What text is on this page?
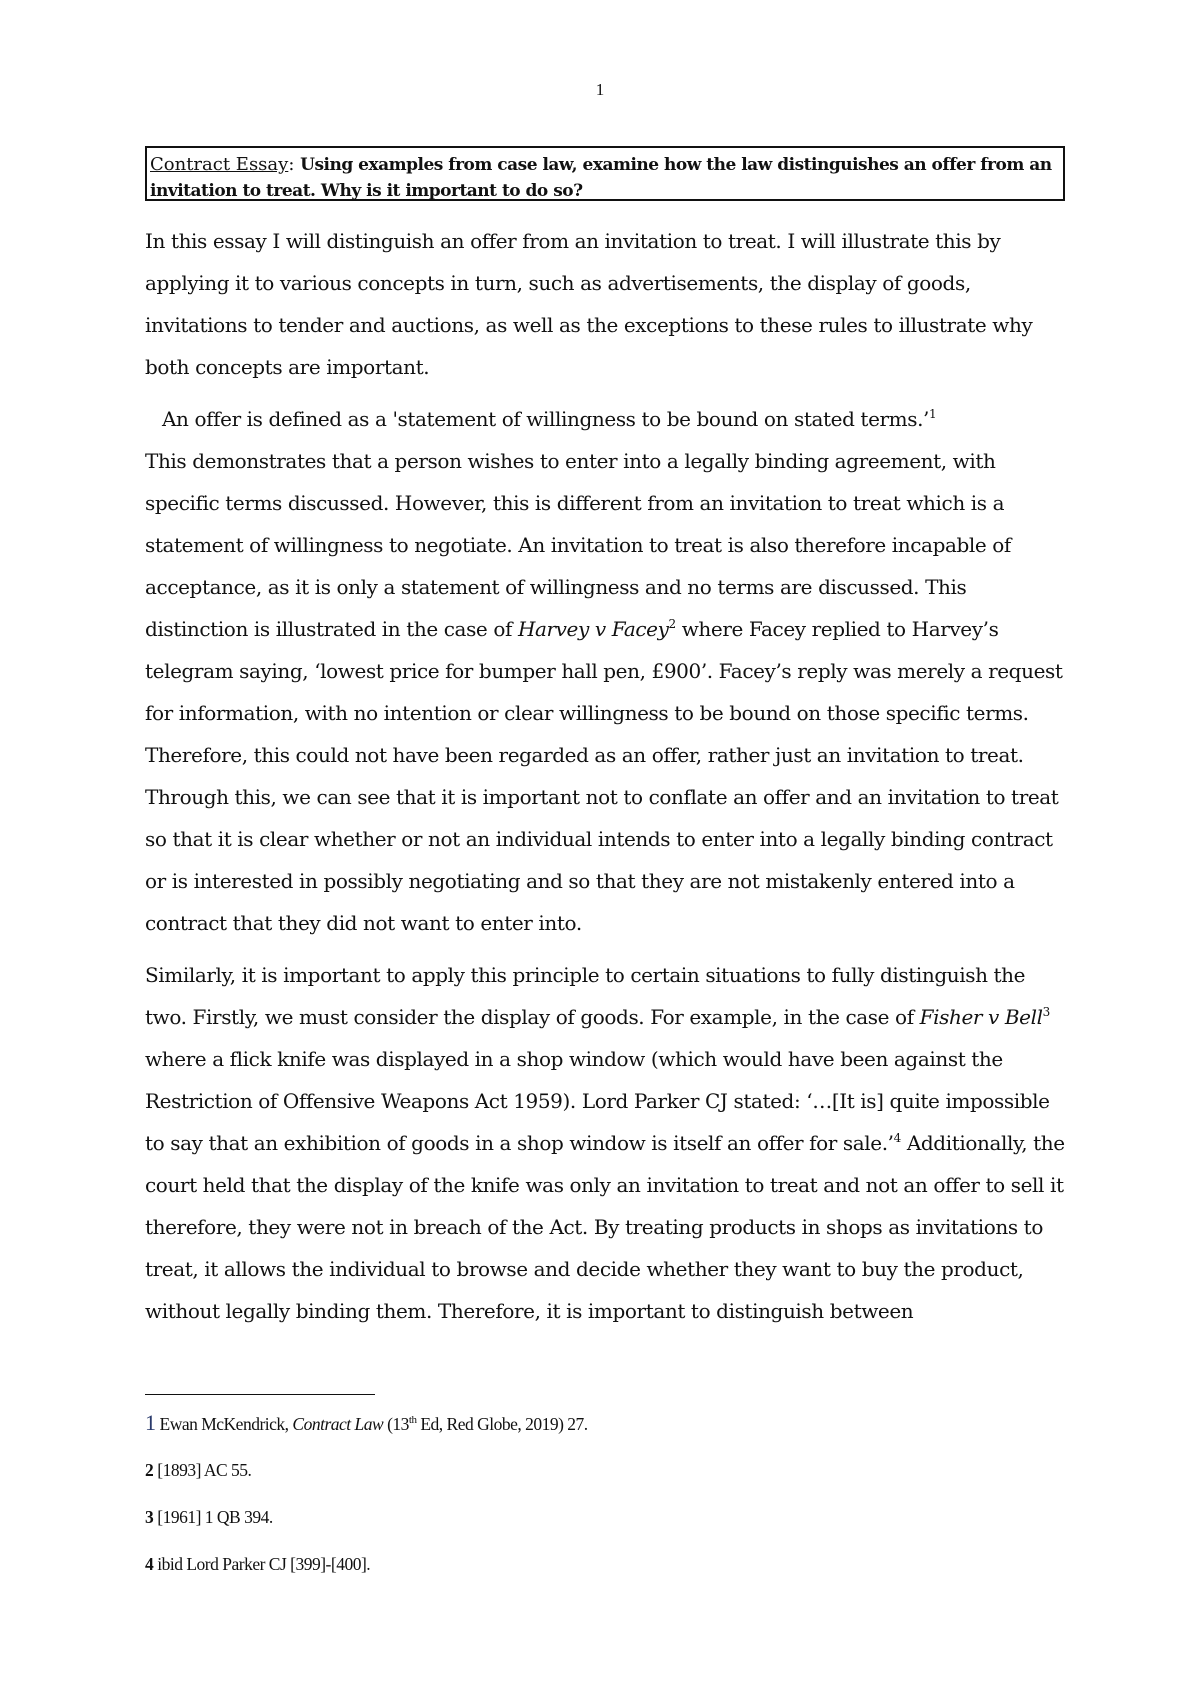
1
Contract Essay: Using examples from case law, examine how the law distinguishes an offer from an invitation to treat. Why is it important to do so?

In this essay I will distinguish an offer from an invitation to treat. I will illustrate this by applying it to various concepts in turn, such as advertisements, the display of goods, invitations to tender and auctions, as well as the exceptions to these rules to illustrate why both concepts are important.

An offer is defined as a 'statement of willingness to be bound on stated terms.’$^1$
This demonstrates that a person wishes to enter into a legally binding agreement, with specific terms discussed. However, this is different from an invitation to treat which is a statement of willingness to negotiate. An invitation to treat is also therefore incapable of acceptance, as it is only a statement of willingness and no terms are discussed. This distinction is illustrated in the case of Harvey v Facey$^2$ where Facey replied to Harvey’s telegram saying, ‘lowest price for bumper hall pen, £900’. Facey’s reply was merely a request for information, with no intention or clear willingness to be bound on those specific terms. Therefore, this could not have been regarded as an offer, rather just an invitation to treat. Through this, we can see that it is important not to conflate an offer and an invitation to treat so that it is clear whether or not an individual intends to enter into a legally binding contract or is interested in possibly negotiating and so that they are not mistakenly entered into a contract that they did not want to enter into.

Similarly, it is important to apply this principle to certain situations to fully distinguish the two. Firstly, we must consider the display of goods. For example, in the case of Fisher v Bell$^3$ where a flick knife was displayed in a shop window (which would have been against the Restriction of Offensive Weapons Act 1959). Lord Parker CJ stated: ‘…[It is] quite impossible to say that an exhibition of goods in a shop window is itself an offer for sale.’$^4$ Additionally, the court held that the display of the knife was only an invitation to treat and not an offer to sell it therefore, they were not in breach of the Act. By treating products in shops as invitations to treat, it allows the individual to browse and decide whether they want to buy the product, without legally binding them. Therefore, it is important to distinguish between

1 Ewan McKendrick, Contract Law (13th Ed, Red Globe, 2019) 27.
2 [1893] AC 55.
3 [1961] 1 QB 394.
4 ibid Lord Parker CJ [399]-[400].
